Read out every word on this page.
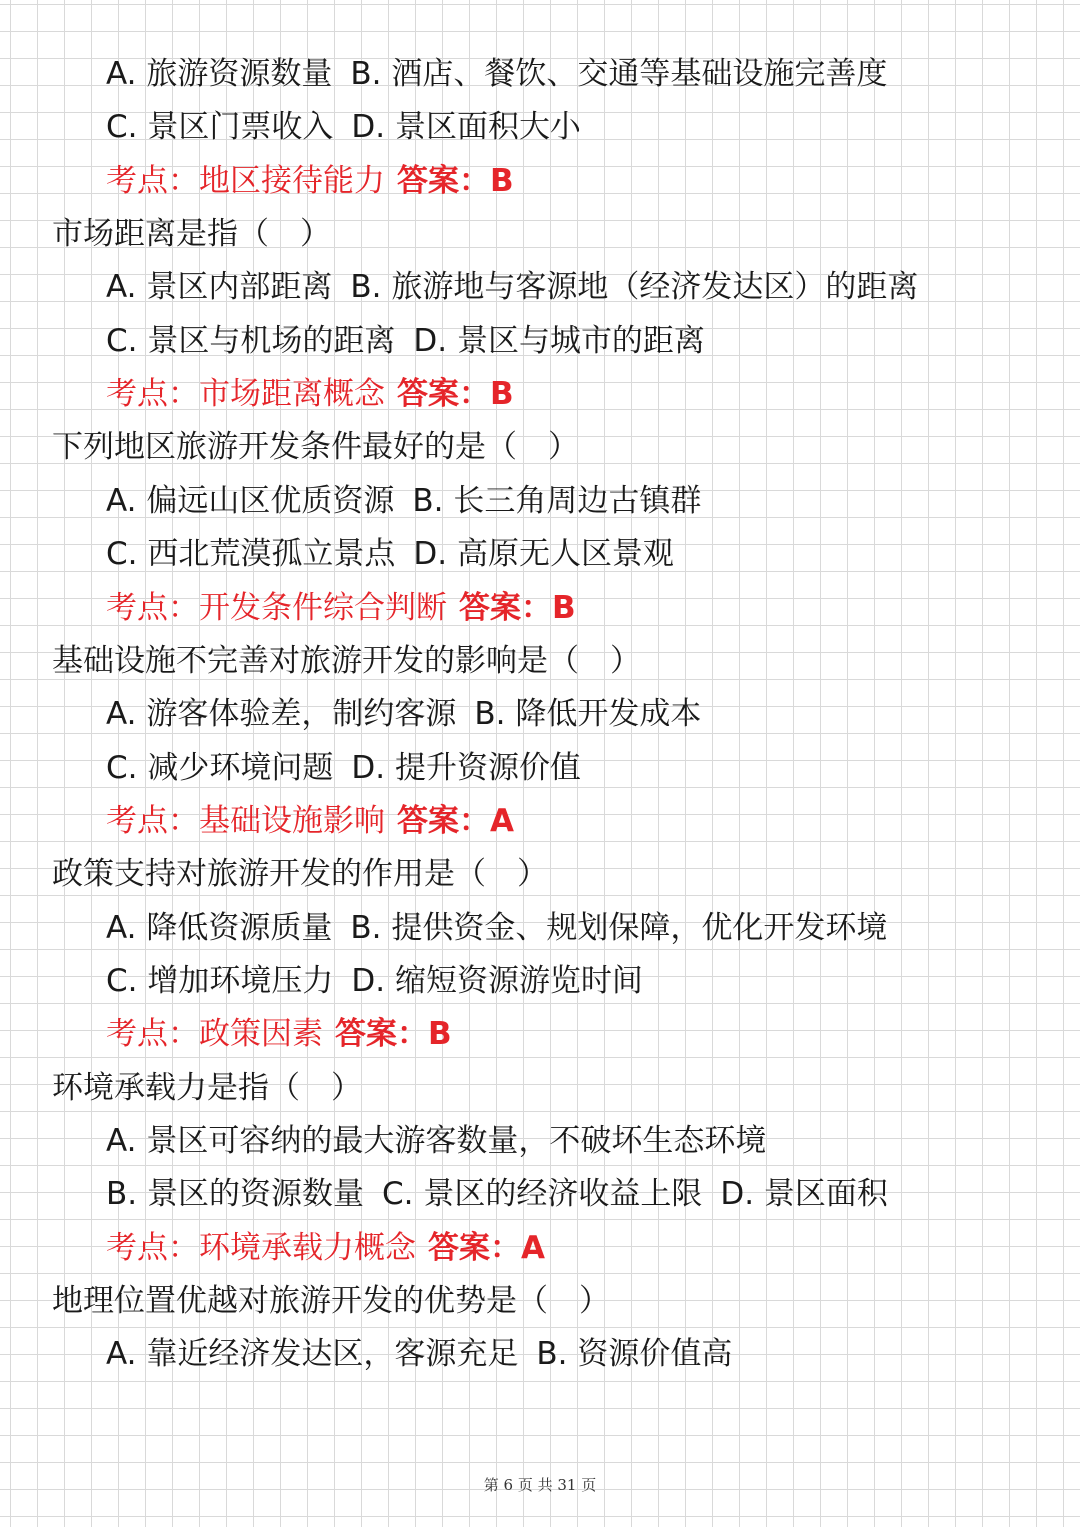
A. 旅游资源数量 B. 酒店、餐饮、交通等基础设施完善度
C. 景区门票收入 D. 景区面积大小
考点：地区接待能力 答案：B
市场距离是指（　）
A. 景区内部距离 B. 旅游地与客源地（经济发达区）的距离
C. 景区与机场的距离 D. 景区与城市的距离
考点：市场距离概念 答案：B
下列地区旅游开发条件最好的是（　）
A. 偏远山区优质资源 B. 长三角周边古镇群
C. 西北荒漠孤立景点 D. 高原无人区景观
考点：开发条件综合判断 答案：B
基础设施不完善对旅游开发的影响是（　）
A. 游客体验差，制约客源 B. 降低开发成本
C. 减少环境问题 D. 提升资源价值
考点：基础设施影响 答案：A
政策支持对旅游开发的作用是（　）
A. 降低资源质量 B. 提供资金、规划保障，优化开发环境
C. 增加环境压力 D. 缩短资源游览时间
考点：政策因素 答案：B
环境承载力是指（　）
A. 景区可容纳的最大游客数量，不破坏生态环境
B. 景区的资源数量 C. 景区的经济收益上限 D. 景区面积
考点：环境承载力概念 答案：A
地理位置优越对旅游开发的优势是（　）
A. 靠近经济发达区，客源充足 B. 资源价值高
第 6 页 共 31 页
